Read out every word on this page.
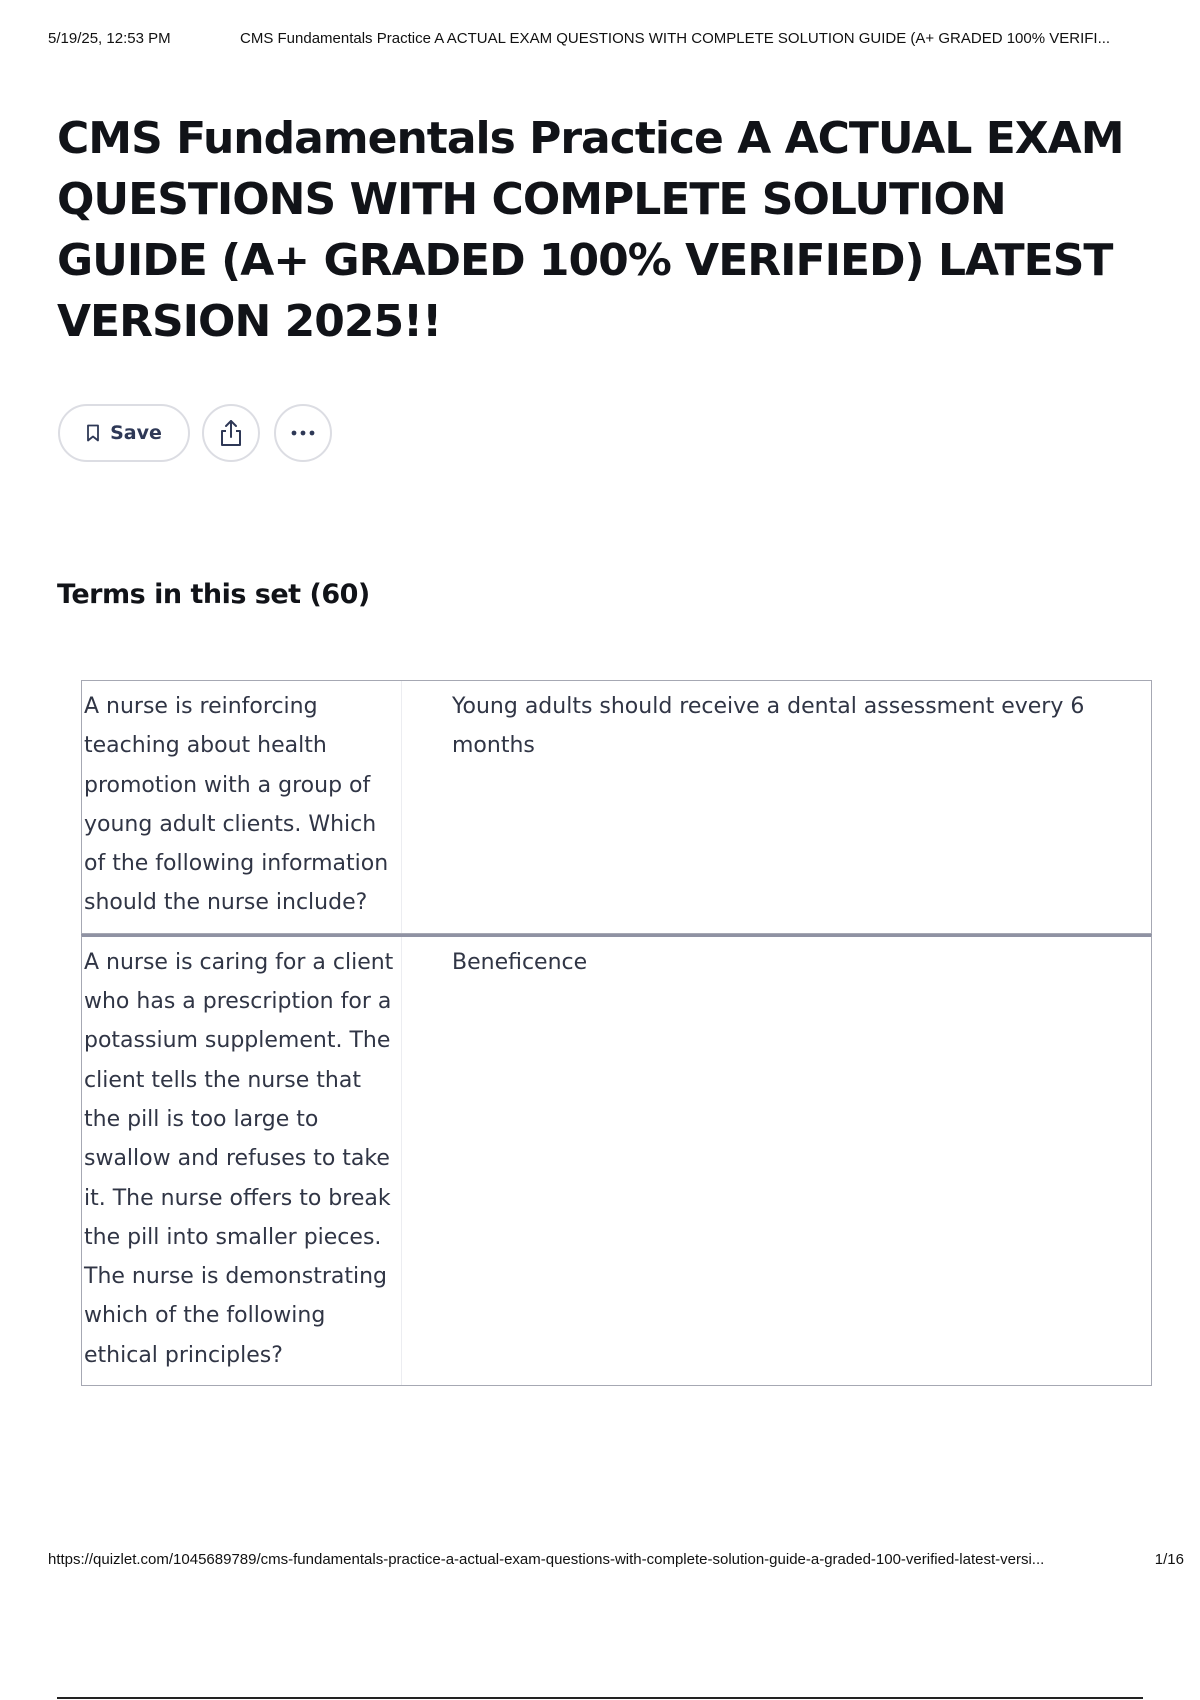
5/19/25, 12:53 PM	CMS Fundamentals Practice A ACTUAL EXAM QUESTIONS WITH COMPLETE SOLUTION GUIDE (A+ GRADED 100% VERIFI...
CMS Fundamentals Practice A ACTUAL EXAM QUESTIONS WITH COMPLETE SOLUTION GUIDE (A+ GRADED 100% VERIFIED) LATEST VERSION 2025!!
Save
Terms in this set (60)
A nurse is reinforcing teaching about health promotion with a group of young adult clients. Which of the following information should the nurse include?
Young adults should receive a dental assessment every 6 months
A nurse is caring for a client who has a prescription for a potassium supplement. The client tells the nurse that the pill is too large to swallow and refuses to take it. The nurse offers to break the pill into smaller pieces. The nurse is demonstrating which of the following ethical principles?
Beneficence
https://quizlet.com/1045689789/cms-fundamentals-practice-a-actual-exam-questions-with-complete-solution-guide-a-graded-100-verified-latest-versi...	1/16
